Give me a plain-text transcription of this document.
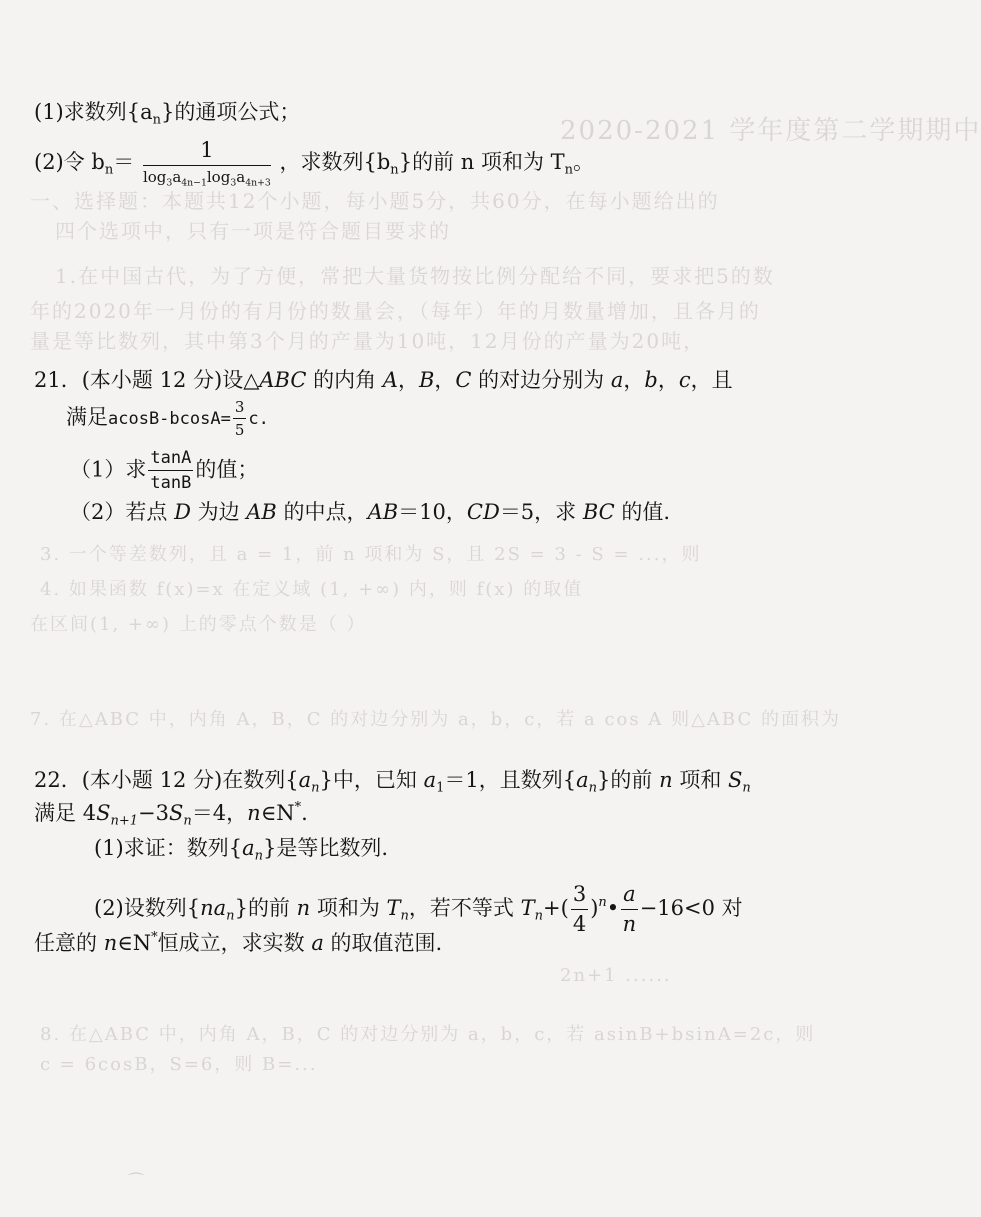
2020-2021 学年度第二学期期中
一、选择题：本题共12个小题，每小题5分，共60分，在每小题给出的
四个选项中，只有一项是符合题目要求的
1.在中国古代，为了方便，常把大量货物按比例分配给不同，要求把5的数
年的2020年一月份的有月份的数量会，（每年）年的月数量增加，且各月的
量是等比数列，其中第3个月的产量为10吨，12月份的产量为20吨，
3. 一个等差数列，且 a = 1，前 n 项和为 S，且 2S = 3 - S = ...，则
4. 如果函数 f(x)=x 在定义域 (1, +∞) 内，则 f(x) 的取值
在区间(1, +∞) 上的零点个数是（ ）
7. 在△ABC 中，内角 A，B，C 的对边分别为 a，b，c，若 a cos A 则△ABC 的面积为
2n+1 ......
8. 在△ABC 中，内角 A，B，C 的对边分别为 a，b，c，若 asinB+bsinA=2c，则
c = 6cosB，S=6，则 B=...
(1)求数列$\{a_n\}$的通项公式；
(2)令 $b_n= \frac{1}{\log_3a_{4n-1}\log_3a_{4n+3}}$ ，求数列$\{b_n\}$的前 n 项和为 $T_n$。
21．(本小题 12 分)设△ABC 的内角 A，B，C 的对边分别为 a，b，c，且
满足$acosB-bcosA= \frac{3}{5} c$.
（1）求 $\frac{\tan A}{\tan B}$ 的值；
（2）若点 D 为边 AB 的中点，AB＝10，CD＝5，求 BC 的值.
22．(本小题 12 分)在数列$\{a_n\}$中，已知 $a_1=1$，且数列$\{a_n\}$的前 n 项和 $S_n$
满足 $4S_{n+1}-3S_n=4$，n∈N*.
(1)求证：数列$\{a_n\}$是等比数列.
(2)设数列$\{na_n\}$的前 n 项和为 $T_n$，若不等式 $T_n+( \frac{3}{4}$ )$^n• \frac{a}{n} -16<0$ 对
任意的 n∈N*恒成立，求实数 a 的取值范围.
⌒
